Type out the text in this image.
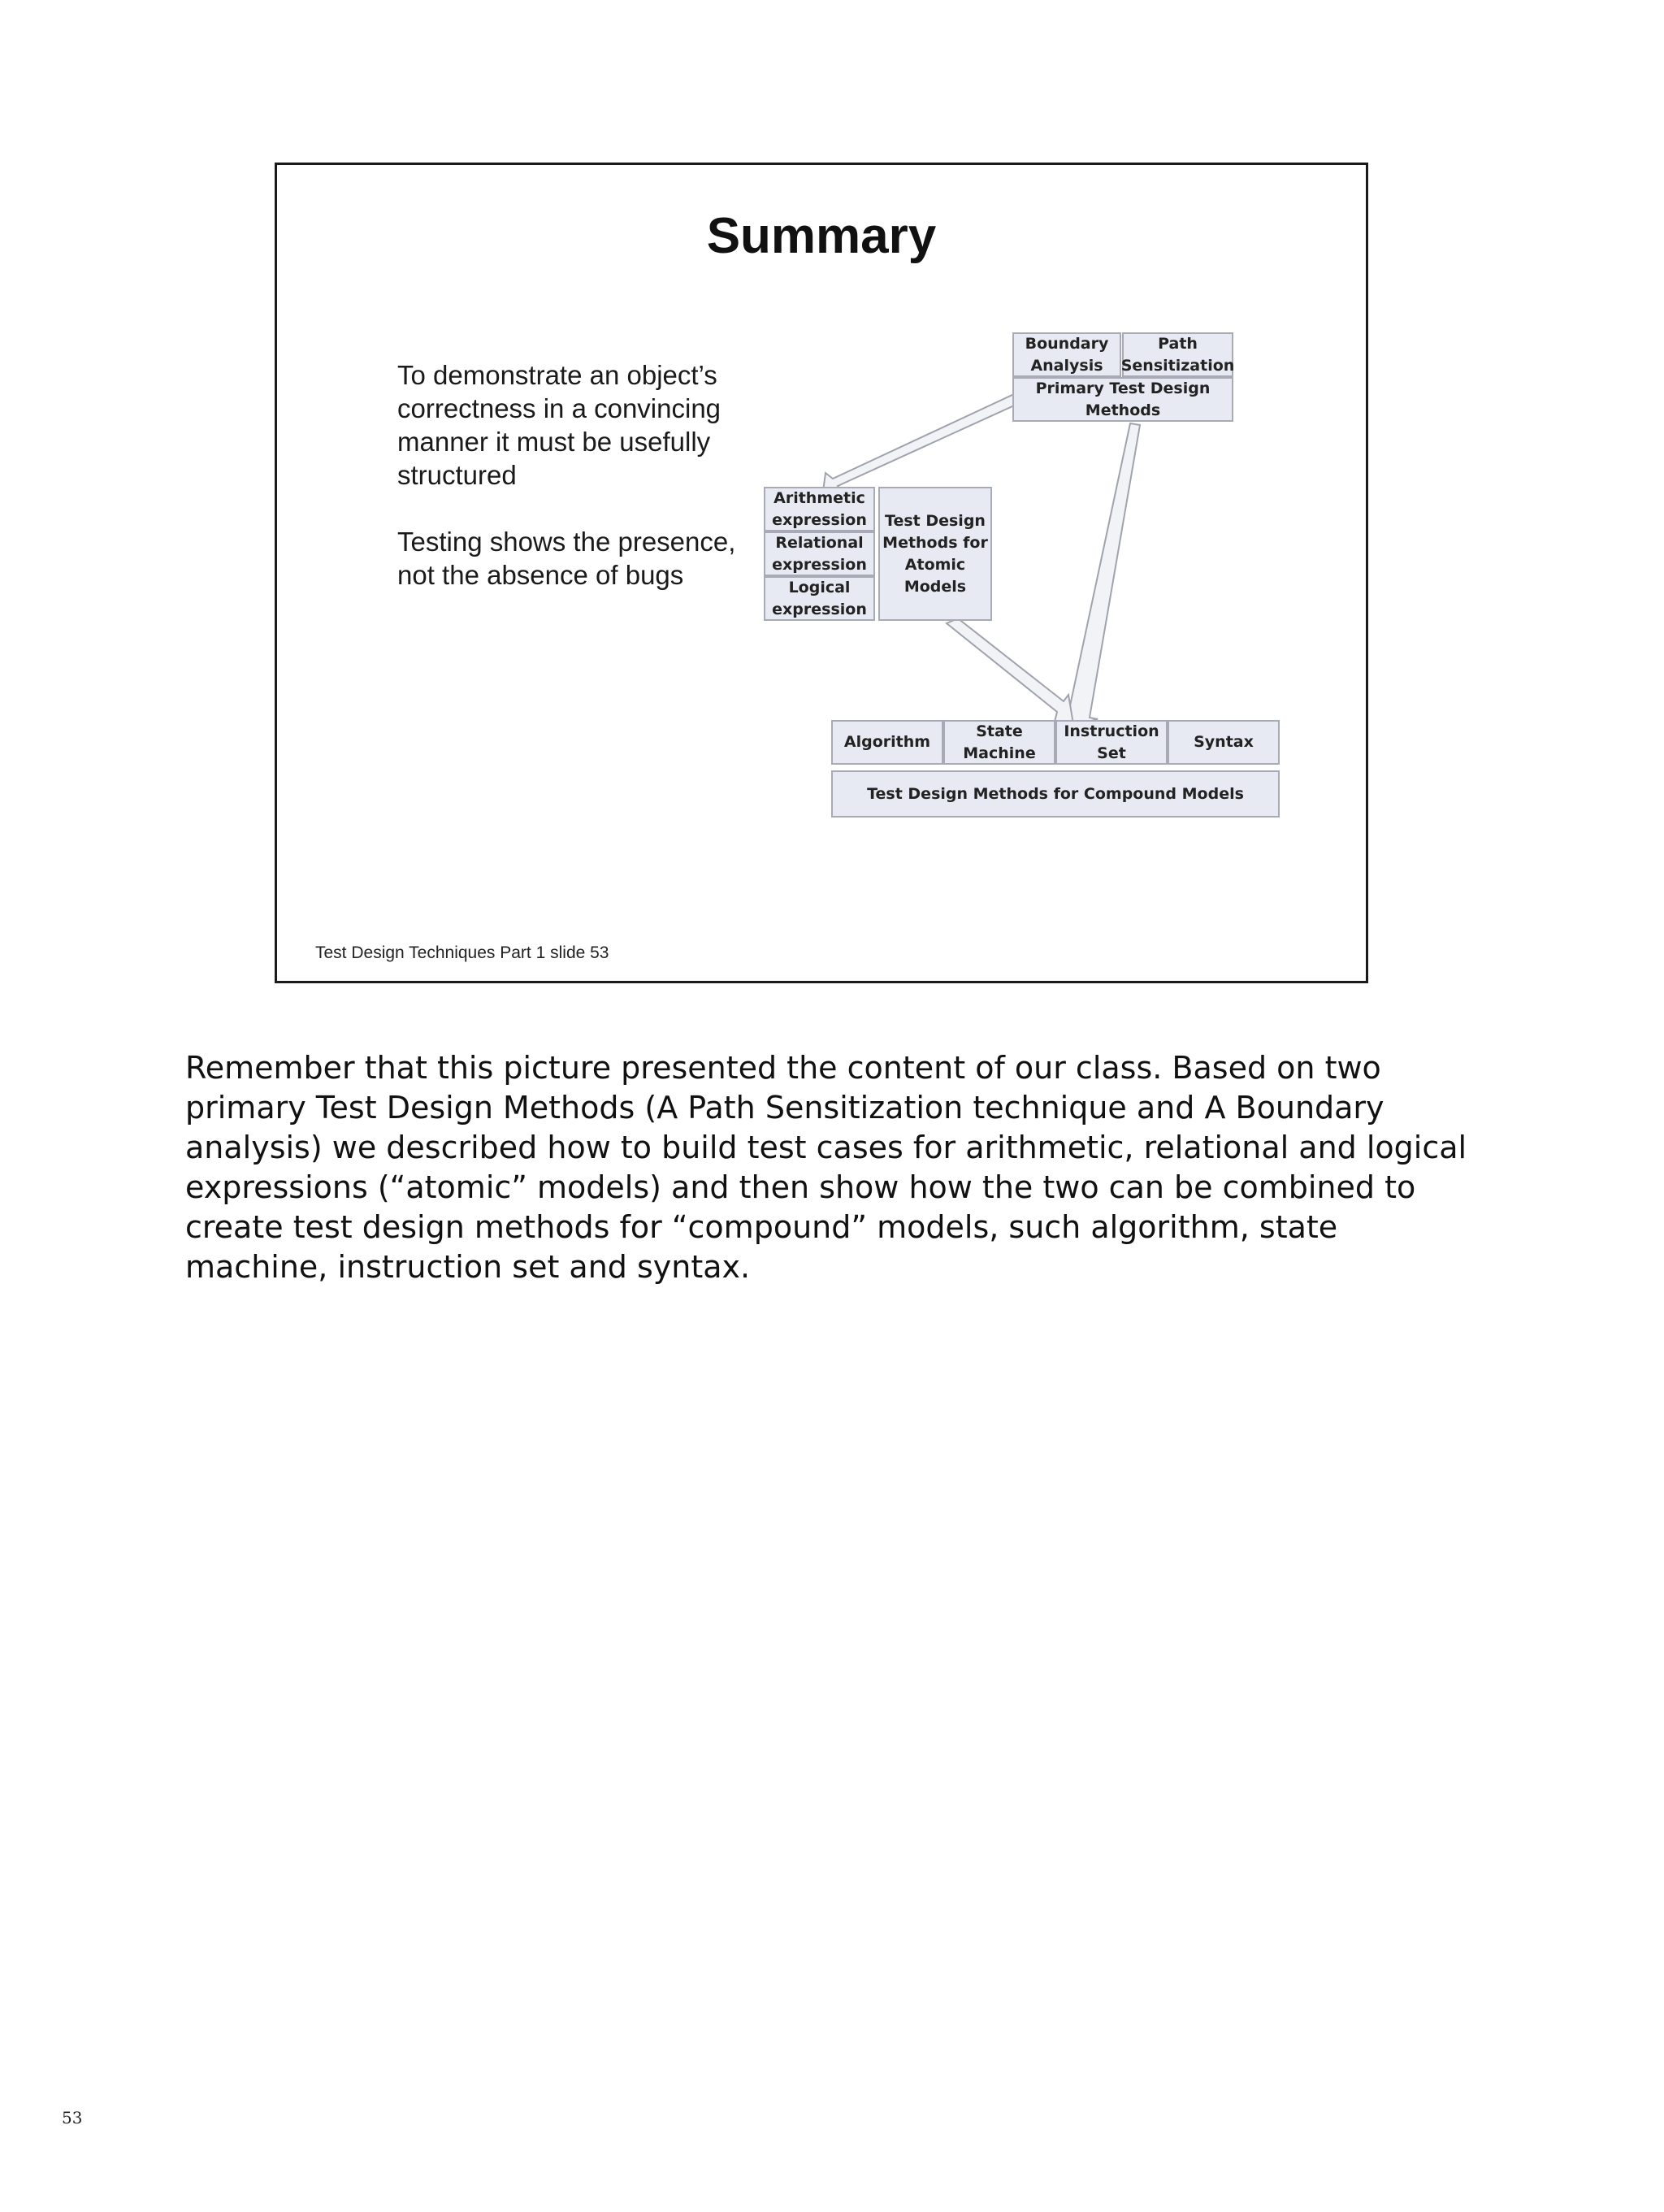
Summary

To demonstrate an object’s correctness in a convincing manner it must be usefully structured

Testing shows the presence, not the absence of bugs

Boundary
Analysis
Path
Sensitization
Primary Test Design
Methods
Arithmetic
expression
Relational
expression
Logical
expression
Test Design
Methods for
Atomic
Models
Algorithm
State
Machine
Instruction
Set
Syntax
Test Design Methods for Compound Models
Test Design Techniques Part 1 slide 53
Remember that this picture presented the content of our class. Based on two primary Test Design Methods (A Path Sensitization technique and A Boundary analysis) we described how to build test cases for arithmetic, relational and logical expressions (“atomic” models) and then show how the two can be combined to create test design methods for “compound” models, such algorithm, state machine, instruction set and syntax.
53
